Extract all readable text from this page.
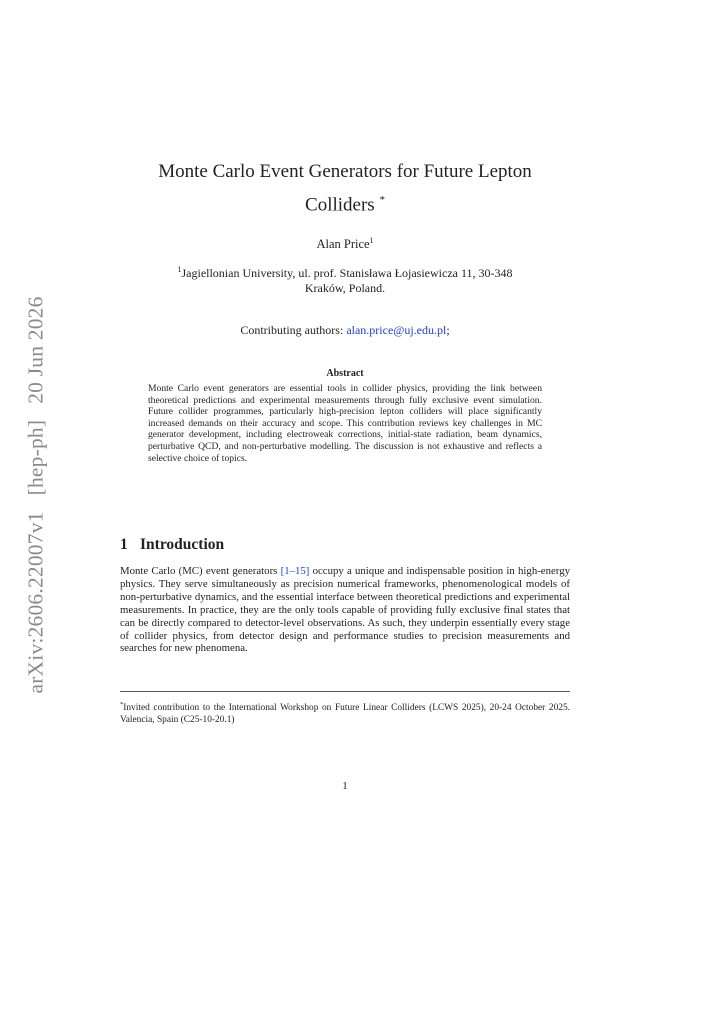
arXiv:2606.22007v1[hep-ph]20 Jun 2026
Monte Carlo Event Generators for Future Lepton
Colliders *
Alan Price$^1$
$^1$Jagiellonian University, ul. prof. Stanisława Łojasiewicza 11, 30-348
Kraków, Poland.
Contributing authors: alan.price@uj.edu.pl;
Abstract
Monte Carlo event generators are essential tools in collider physics, providing the link between theoretical predictions and experimental measurements through fully exclusive event simulation. Future collider programmes, particularly high-precision lepton colliders will place significantly increased demands on their accuracy and scope. This contribution reviews key challenges in MC generator development, including electroweak corrections, initial-state radiation, beam dynamics, perturbative QCD, and non-perturbative modelling. The discussion is not exhaustive and reflects a selective choice of topics.
1 Introduction
Monte Carlo (MC) event generators [1–15] occupy a unique and indispensable position in high-energy physics. They serve simultaneously as precision numerical frameworks, phenomenological models of non-perturbative dynamics, and the essential interface between theoretical predictions and experimental measurements. In practice, they are the only tools capable of providing fully exclusive final states that can be directly compared to detector-level observations. As such, they underpin essentially every stage of collider physics, from detector design and performance studies to precision measurements and searches for new phenomena.
*Invited contribution to the International Workshop on Future Linear Colliders (LCWS 2025), 20-24 October 2025. Valencia, Spain (C25-10-20.1)
1
